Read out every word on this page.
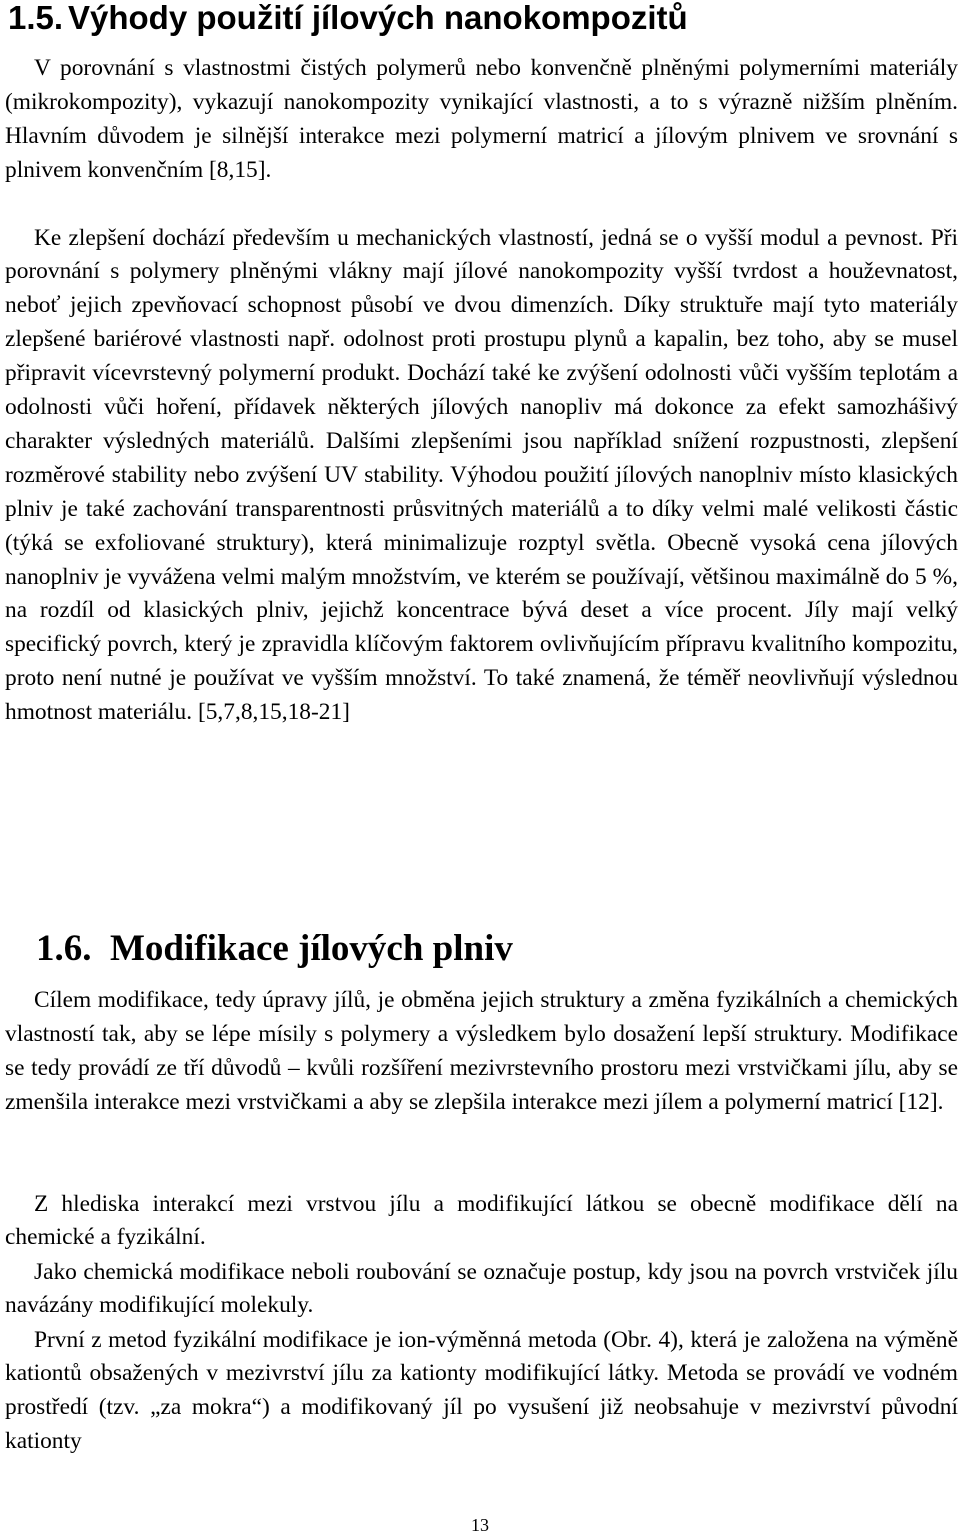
1.5. Výhody použití jílových nanokompozitů

V porovnání s vlastnostmi čistých polymerů nebo konvenčně plněnými polymerními materiály (mikrokompozity), vykazují nanokompozity vynikající vlastnosti, a to s výrazně nižším plněním. Hlavním důvodem je silnější interakce mezi polymerní matricí a jílovým plnivem ve srovnání s plnivem konvenčním [8,15].

Ke zlepšení dochází především u mechanických vlastností, jedná se o vyšší modul a pevnost. Při porovnání s polymery plněnými vlákny mají jílové nanokompozity vyšší tvrdost a houževnatost, neboť jejich zpevňovací schopnost působí ve dvou dimenzích. Díky struktuře mají tyto materiály zlepšené bariérové vlastnosti např. odolnost proti prostupu plynů a kapalin, bez toho, aby se musel připravit vícevrstevný polymerní produkt. Dochází také ke zvýšení odolnosti vůči vyšším teplotám a odolnosti vůči hoření, přídavek některých jílových nanopliv má dokonce za efekt samozhášivý charakter výsledných materiálů. Dalšími zlepšeními jsou například snížení rozpustnosti, zlepšení rozměrové stability nebo zvýšení UV stability. Výhodou použití jílových nanoplniv místo klasických plniv je také zachování transparentnosti průsvitných materiálů a to díky velmi malé velikosti částic (týká se exfoliované struktury), která minimalizuje rozptyl světla. Obecně vysoká cena jílových nanoplniv je vyvážena velmi malým množstvím, ve kterém se používají, většinou maximálně do 5 %, na rozdíl od klasických plniv, jejichž koncentrace bývá deset a více procent. Jíly mají velký specifický povrch, který je zpravidla klíčovým faktorem ovlivňujícím přípravu kvalitního kompozitu, proto není nutné je používat ve vyšším množství. To také znamená, že téměř neovlivňují výslednou hmotnost materiálu. [5,7,8,15,18-21]

1.6. Modifikace jílových plniv

Cílem modifikace, tedy úpravy jílů, je obměna jejich struktury a změna fyzikálních a chemických vlastností tak, aby se lépe mísily s polymery a výsledkem bylo dosažení lepší struktury. Modifikace se tedy provádí ze tří důvodů – kvůli rozšíření mezivrstevního prostoru mezi vrstvičkami jílu, aby se zmenšila interakce mezi vrstvičkami a aby se zlepšila interakce mezi jílem a polymerní matricí [12].

Z hlediska interakcí mezi vrstvou jílu a modifikující látkou se obecně modifikace dělí na chemické a fyzikální.

Jako chemická modifikace neboli roubování se označuje postup, kdy jsou na povrch vrstviček jílu navázány modifikující molekuly.

První z metod fyzikální modifikace je ion-výměnná metoda (Obr. 4), která je založena na výměně kationtů obsažených v mezivrství jílu za kationty modifikující látky. Metoda se provádí ve vodném prostředí (tzv. „za mokra“) a modifikovaný jíl po vysušení již neobsahuje v mezivrství původní kationty

13
